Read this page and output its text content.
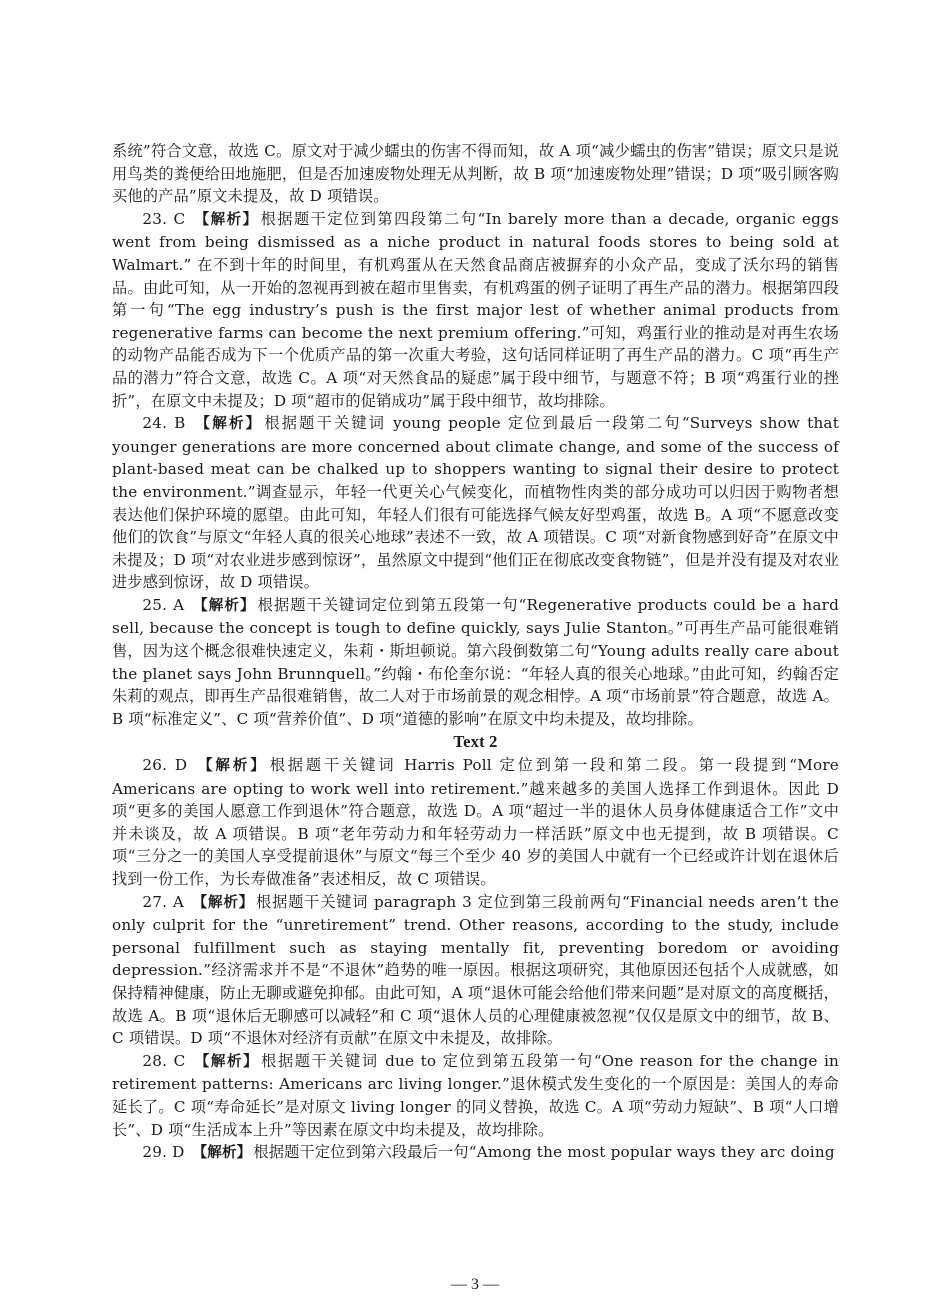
系统”符合文意，故选 C。原文对于减少蠕虫的伤害不得而知，故 A 项“减少蠕虫的伤害”错误；原文只是说用鸟类的粪便给田地施肥，但是否加速废物处理无从判断，故 B 项“加速废物处理”错误；D 项“吸引顾客购买他的产品”原文未提及，故 D 项错误。

23. C 【解析】 根据题干定位到第四段第二句“In barely more than a decade, organic eggs went from being dismissed as a niche product in natural foods stores to being sold at Walmart.” 在不到十年的时间里，有机鸡蛋从在天然食品商店被摒弃的小众产品，变成了沃尔玛的销售品。由此可知，从一开始的忽视再到被在超市里售卖，有机鸡蛋的例子证明了再生产品的潜力。根据第四段第一句“The egg industry’s push is the first major lest of whether animal products from regenerative farms can become the next premium offering.”可知，鸡蛋行业的推动是对再生农场的动物产品能否成为下一个优质产品的第一次重大考验，这句话同样证明了再生产品的潜力。C 项“再生产品的潜力”符合文意，故选 C。A 项“对天然食品的疑虑”属于段中细节，与题意不符；B 项“鸡蛋行业的挫折”，在原文中未提及；D 项“超市的促销成功”属于段中细节，故均排除。

24. B 【解析】 根据题干关键词 young people 定位到最后一段第二句“Surveys show that younger generations are more concerned about climate change, and some of the success of plant-based meat can be chalked up to shoppers wanting to signal their desire to protect the environment.”调查显示，年轻一代更关心气候变化，而植物性肉类的部分成功可以归因于购物者想表达他们保护环境的愿望。由此可知，年轻人们很有可能选择气候友好型鸡蛋，故选 B。A 项“不愿意改变他们的饮食”与原文“年轻人真的很关心地球”表述不一致，故 A 项错误。C 项“对新食物感到好奇”在原文中未提及；D 项“对农业进步感到惊讶”，虽然原文中提到“他们正在彻底改变食物链”，但是并没有提及对农业进步感到惊讶，故 D 项错误。

25. A 【解析】 根据题干关键词定位到第五段第一句“Regenerative products could be a hard sell, because the concept is tough to define quickly, says Julie Stanton。”可再生产品可能很难销售，因为这个概念很难快速定义，朱莉・斯坦顿说。第六段倒数第二句“Young adults really care about the planet says John Brunnquell。”约翰・布伦奎尔说：“年轻人真的很关心地球。”由此可知，约翰否定朱莉的观点，即再生产品很难销售，故二人对于市场前景的观念相悖。A 项“市场前景”符合题意，故选 A。B 项“标准定义”、C 项“营养价值”、D 项“道德的影响”在原文中均未提及，故均排除。

Text 2

26. D 【解析】 根据题干关键词 Harris Poll 定位到第一段和第二段。第一段提到“More Americans are opting to work well into retirement.”越来越多的美国人选择工作到退休。因此 D 项“更多的美国人愿意工作到退休”符合题意，故选 D。A 项“超过一半的退休人员身体健康适合工作”文中并未谈及，故 A 项错误。B 项“老年劳动力和年轻劳动力一样活跃”原文中也无提到，故 B 项错误。C 项“三分之一的美国人享受提前退休”与原文“每三个至少 40 岁的美国人中就有一个已经或许计划在退休后找到一份工作，为长寿做准备”表述相反，故 C 项错误。

27. A 【解析】 根据题干关键词 paragraph 3 定位到第三段前两句“Financial needs aren’t the only culprit for the “unretirement” trend. Other reasons, according to the study, include personal fulfillment such as staying mentally fit, preventing boredom or avoiding depression.”经济需求并不是“不退休”趋势的唯一原因。根据这项研究，其他原因还包括个人成就感，如保持精神健康，防止无聊或避免抑郁。由此可知，A 项“退休可能会给他们带来问题”是对原文的高度概括，故选 A。B 项“退休后无聊感可以减轻”和 C 项“退休人员的心理健康被忽视”仅仅是原文中的细节，故 B、C 项错误。D 项“不退休对经济有贡献”在原文中未提及，故排除。

28. C 【解析】 根据题干关键词 due to 定位到第五段第一句“One reason for the change in retirement patterns: Americans arc living longer.”退休模式发生变化的一个原因是：美国人的寿命延长了。C 项“寿命延长”是对原文 living longer 的同义替换，故选 C。A 项“劳动力短缺”、B 项“人口增长”、D 项“生活成本上升”等因素在原文中均未提及，故均排除。

29. D 【解析】 根据题干定位到第六段最后一句“Among the most popular ways they arc doing

— 3 —
